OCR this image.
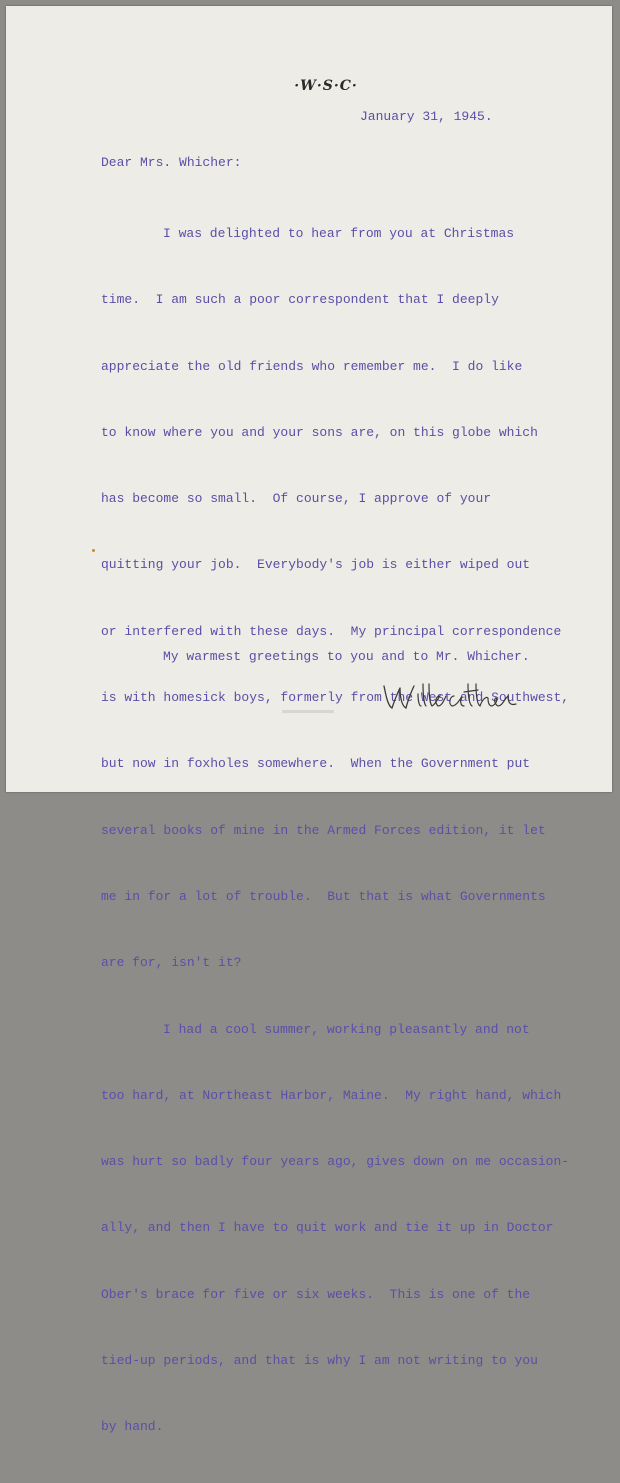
·W·S·C·
January 31, 1945.
Dear Mrs. Whicher:

I was delighted to hear from you at Christmas

time.  I am such a poor correspondent that I deeply

appreciate the old friends who remember me.  I do like

to know where you and your sons are, on this globe which

has become so small.  Of course, I approve of your

quitting your job.  Everybody's job is either wiped out

or interfered with these days.  My principal correspondence

is with homesick boys, formerly from the West and Southwest,

but now in foxholes somewhere.  When the Government put

several books of mine in the Armed Forces edition, it let

me in for a lot of trouble.  But that is what Governments

are for, isn't it?

I had a cool summer, working pleasantly and not

too hard, at Northeast Harbor, Maine.  My right hand, which

was hurt so badly four years ago, gives down on me occasion-

ally, and then I have to quit work and tie it up in Doctor

Ober's brace for five or six weeks.  This is one of the

tied-up periods, and that is why I am not writing to you

by hand.

My warmest greetings to you and to Mr. Whicher.
Willa Cather
